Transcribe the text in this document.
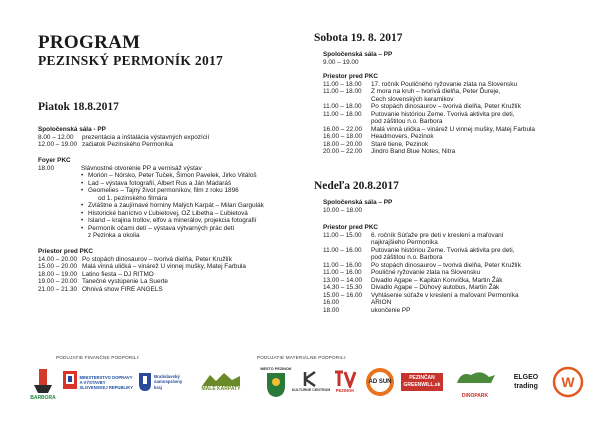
PROGRAM
PEZINSKÝ PERMONÍK 2017
Piatok 18.8.2017
Spoločenská sála - PP
8.00 – 12.00	prezentácia a inštalácia výstavných expozícií
12.00 – 19.00 začiatok Pezinského Permoníka
Foyer PKC
18.00	Slávnostné otvorenie PP a vernisáž výstav
• Morión – Nórsko, Peter Tuček, Šimon Pavelek, Jirko Vitáloš
• Lad – výstava fotografií, Albert Rus a Ján Madaráš
• Geomelies – Tajný život permoníkov, film z roku 1896
od 1. pezinského filmára
• Zvláštne a zaujímavé horniny Malých Karpát – Milan Gargulák
• Historické baníctvo v Ľubietovej, OZ Libetha – Ľubietová
• Island – krajina trollov, elfov a minerálov, projekcia fotografií
• Permoník očami detí – výstava výtvarných prác detí
z Pezinka a okolia
Priestor pred PKC
14.00 – 20.00 Po stopách dinosaurov – tvorivá dielňa, Peter Kružlík
15.00 – 20.00 Malá vinná uličká – vinárež U vinnej mušky, Matej Farbula
18.00 – 19.00 Latino fiesta – DJ RITMO
19.00 – 20.00 Tanečné vystúpenie La Suerte
21.00 – 21.30 Ohnivá show FIRE ANGELS
Sobota 19. 8. 2017
Spoločenská sála – PP
9.00 – 19.00
Priestor pred PKC
11.00 – 18.00	17. ročník Pouličného ryžovanie zlata na Slovensku
11.00 – 18.00	Z mora na kruh – tvorivá dielňa, Peter Ďureje,
Cech slovenských keramikov
11.00 – 18.00	Po stopách dinosaurov – tvorivá dielňa, Peter Kružlík
11.00 – 18.00	Putovanie históriou Zeme. Tvorivá aktivita pre deti,
pod záštitou n.o. Barbora
16.00 – 22.00	Malá vinná ulička – vinárež U vinnej mušky, Matej Farbula
16.00 – 18.00	Headmovers, Pezinok
18.00 – 20.00	Staré tiene, Pezinok
20.00 – 22.00	Jindro Band Blue Notes, Nitra
Nedeľa 20.8.2017
Spoločenská sála – PP
10.00 – 18.00
Priestor pred PKC
11.00 – 15.00	6. ročník Súťaže pre deti v kreslení a maľovaní
najkrajšieho Permoníka
11.00 – 16.00	Putovanie históriou Zeme. Tvorivá aktivita pre deti,
pod záštitou n.o. Barbora
11.00 – 16.00	Po stopách dinosaurov – tvorivá dielňa, Peter Kružlík
11.00 – 16.00	Pouličné ryžovanie zlata na Slovensku
13.00 – 14.00	Divadlo Agape – Kapitán Konvička, Martin Žák
14.30 – 15.30	Divadlo Agape – Dúhový autobus, Martin Žák
15.00 – 16.00	Vyhlásenie súťaže v kreslení a maľovaní Permoníka
16.00	ARION
18.00	ukončenie PP
PODUJATIE FINANČNE PODPORILI:	PODUJATIE MATERIÁLNE PODPORILI:
BARBORA
MINISTERSTVO DOPRAVY A VÝSTAVBY SLOVENSKEJ REPUBLIKY
Bratislavský samosprávny kraj	MALÉ KARPATY
MESTO PEZINOK
KULTÚRNE CENTRUM PEZINOK
AD SUN
PEZINČAN GREENWILL.sk
DINOPARK
ELGEO trading	W
